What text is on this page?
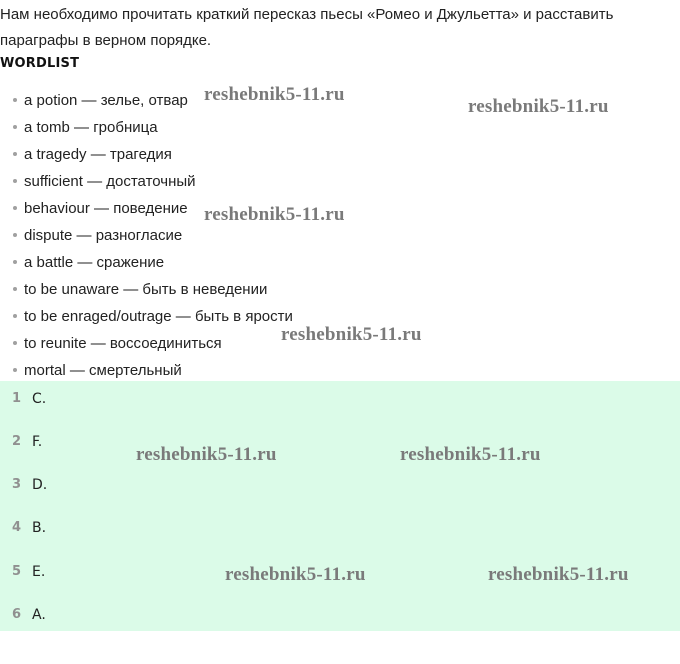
Нам необходимо прочитать краткий пересказ пьесы «Ромео и Джульетта» и расставить параграфы в верном порядке.
WORDLIST
a potion — зелье, отвар
a tomb — гробница
a tragedy — трагедия
sufficient — достаточный
behaviour — поведение
dispute — разногласие
a battle — сражение
to be unaware — быть в неведении
to be enraged/outrage — быть в ярости
to reunite — воссоединиться
mortal — смертельный
1 C.
2 F.
3 D.
4 B.
5 E.
6 A.
reshebnik5-11.ru
reshebnik5-11.ru
reshebnik5-11.ru
reshebnik5-11.ru
reshebnik5-11.ru	reshebnik5-11.ru
reshebnik5-11.ru	reshebnik5-11.ru
